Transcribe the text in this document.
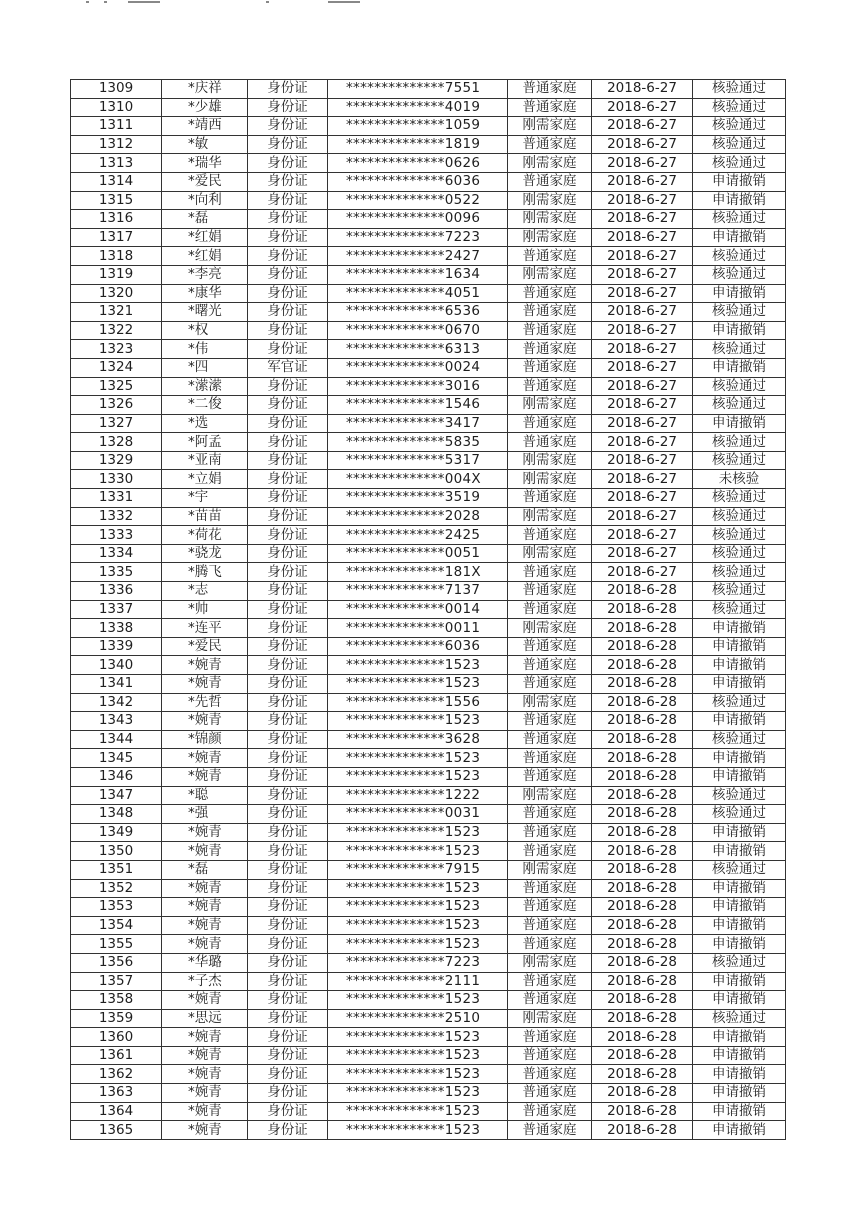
1309	*庆祥	身份证	**************7551	普通家庭	2018-6-27	核验通过
1310	*少雄	身份证	**************4019	普通家庭	2018-6-27	核验通过
1311	*靖西	身份证	**************1059	刚需家庭	2018-6-27	核验通过
1312	*敏	身份证	**************1819	普通家庭	2018-6-27	核验通过
1313	*瑞华	身份证	**************0626	刚需家庭	2018-6-27	核验通过
1314	*爱民	身份证	**************6036	普通家庭	2018-6-27	申请撤销
1315	*向利	身份证	**************0522	刚需家庭	2018-6-27	申请撤销
1316	*磊	身份证	**************0096	刚需家庭	2018-6-27	核验通过
1317	*红娟	身份证	**************7223	刚需家庭	2018-6-27	申请撤销
1318	*红娟	身份证	**************2427	普通家庭	2018-6-27	核验通过
1319	*李亮	身份证	**************1634	刚需家庭	2018-6-27	核验通过
1320	*康华	身份证	**************4051	普通家庭	2018-6-27	申请撤销
1321	*曙光	身份证	**************6536	普通家庭	2018-6-27	核验通过
1322	*权	身份证	**************0670	普通家庭	2018-6-27	申请撤销
1323	*伟	身份证	**************6313	普通家庭	2018-6-27	核验通过
1324	*四	军官证	**************0024	普通家庭	2018-6-27	申请撤销
1325	*潆潆	身份证	**************3016	普通家庭	2018-6-27	核验通过
1326	*二俊	身份证	**************1546	刚需家庭	2018-6-27	核验通过
1327	*选	身份证	**************3417	普通家庭	2018-6-27	申请撤销
1328	*阿孟	身份证	**************5835	普通家庭	2018-6-27	核验通过
1329	*亚南	身份证	**************5317	刚需家庭	2018-6-27	核验通过
1330	*立娟	身份证	**************004X	刚需家庭	2018-6-27	未核验
1331	*宇	身份证	**************3519	普通家庭	2018-6-27	核验通过
1332	*苗苗	身份证	**************2028	刚需家庭	2018-6-27	核验通过
1333	*荷花	身份证	**************2425	普通家庭	2018-6-27	核验通过
1334	*骁龙	身份证	**************0051	刚需家庭	2018-6-27	核验通过
1335	*腾飞	身份证	**************181X	普通家庭	2018-6-27	核验通过
1336	*志	身份证	**************7137	普通家庭	2018-6-28	核验通过
1337	*帅	身份证	**************0014	普通家庭	2018-6-28	核验通过
1338	*连平	身份证	**************0011	刚需家庭	2018-6-28	申请撤销
1339	*爱民	身份证	**************6036	普通家庭	2018-6-28	申请撤销
1340	*婉青	身份证	**************1523	普通家庭	2018-6-28	申请撤销
1341	*婉青	身份证	**************1523	普通家庭	2018-6-28	申请撤销
1342	*先哲	身份证	**************1556	刚需家庭	2018-6-28	核验通过
1343	*婉青	身份证	**************1523	普通家庭	2018-6-28	申请撤销
1344	*锦颜	身份证	**************3628	普通家庭	2018-6-28	核验通过
1345	*婉青	身份证	**************1523	普通家庭	2018-6-28	申请撤销
1346	*婉青	身份证	**************1523	普通家庭	2018-6-28	申请撤销
1347	*聪	身份证	**************1222	刚需家庭	2018-6-28	核验通过
1348	*强	身份证	**************0031	普通家庭	2018-6-28	核验通过
1349	*婉青	身份证	**************1523	普通家庭	2018-6-28	申请撤销
1350	*婉青	身份证	**************1523	普通家庭	2018-6-28	申请撤销
1351	*磊	身份证	**************7915	刚需家庭	2018-6-28	核验通过
1352	*婉青	身份证	**************1523	普通家庭	2018-6-28	申请撤销
1353	*婉青	身份证	**************1523	普通家庭	2018-6-28	申请撤销
1354	*婉青	身份证	**************1523	普通家庭	2018-6-28	申请撤销
1355	*婉青	身份证	**************1523	普通家庭	2018-6-28	申请撤销
1356	*华璐	身份证	**************7223	刚需家庭	2018-6-28	核验通过
1357	*子杰	身份证	**************2111	普通家庭	2018-6-28	申请撤销
1358	*婉青	身份证	**************1523	普通家庭	2018-6-28	申请撤销
1359	*思远	身份证	**************2510	刚需家庭	2018-6-28	核验通过
1360	*婉青	身份证	**************1523	普通家庭	2018-6-28	申请撤销
1361	*婉青	身份证	**************1523	普通家庭	2018-6-28	申请撤销
1362	*婉青	身份证	**************1523	普通家庭	2018-6-28	申请撤销
1363	*婉青	身份证	**************1523	普通家庭	2018-6-28	申请撤销
1364	*婉青	身份证	**************1523	普通家庭	2018-6-28	申请撤销
1365	*婉青	身份证	**************1523	普通家庭	2018-6-28	申请撤销
